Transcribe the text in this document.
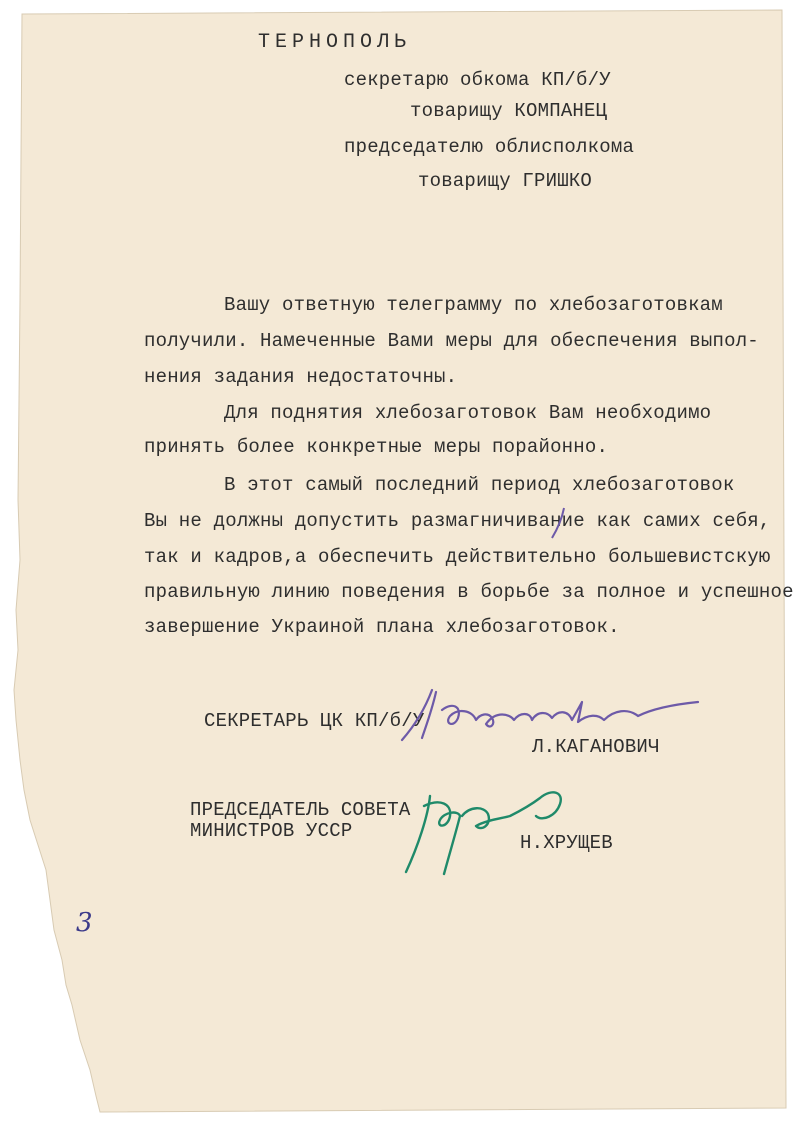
ТЕРНОПОЛЬ
секретарю обкома КП/б/У
товарищу КОМПАНЕЦ
председателю облисполкома
товарищу ГРИШКО
Вашу ответную телеграмму по хлебозаготовкам
получили. Намеченные Вами меры для обеспечения выпол-
нения задания недостаточны.
Для поднятия хлебозаготовок Вам необходимо
принять более конкретные меры порайонно.
В этот самый последний период хлебозаготовок
Вы не должны допустить размагничивание как самих себя,
так и кадров,а обеспечить действительно большевистскую
правильную линию поведения в борьбе за полное и успешное
завершение Украиной плана хлебозаготовок.
СЕКРЕТАРЬ ЦК КП/б/У
Л.КАГАНОВИЧ
ПРЕДСЕДАТЕЛЬ СОВЕТА
МИНИСТРОВ УССР
Н.ХРУЩЕВ
3
